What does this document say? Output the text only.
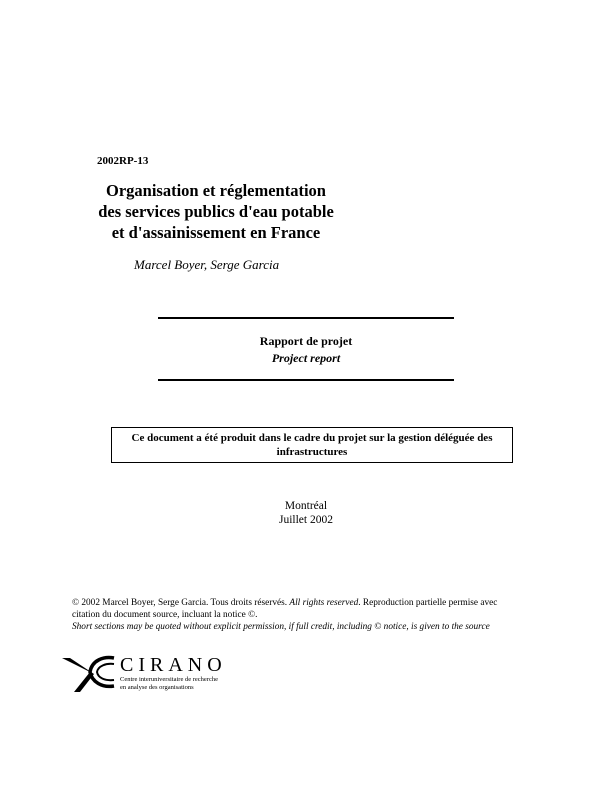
2002RP-13
Organisation et réglementation
des services publics d'eau potable
et d'assainissement en France
Marcel Boyer, Serge Garcia
Rapport de projet
Project report
Ce document a été produit dans le cadre du projet sur la gestion déléguée des
infrastructures
Montréal
Juillet 2002
© 2002 Marcel Boyer, Serge Garcia. Tous droits réservés. All rights reserved. Reproduction partielle permise avec
citation du document source, incluant la notice ©.
Short sections may be quoted without explicit permission, if full credit, including © notice, is given to the source
CIRANO
Centre interuniversitaire de recherche
en analyse des organisations
